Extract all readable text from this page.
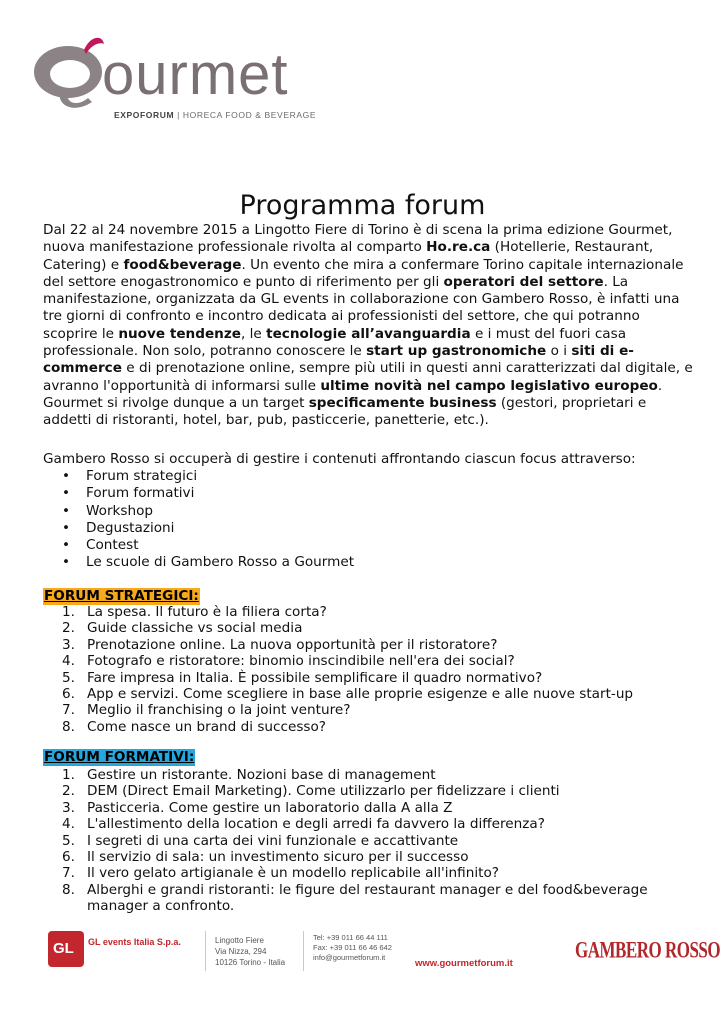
ourmet
EXPOFORUM | HORECA FOOD & BEVERAGE
Programma forum

Dal 22 al 24 novembre 2015 a Lingotto Fiere di Torino è di scena la prima edizione Gourmet, nuova manifestazione professionale rivolta al comparto Ho.re.ca (Hotellerie, Restaurant, Catering) e food&beverage. Un evento che mira a confermare Torino capitale internazionale del settore enogastronomico e punto di riferimento per gli operatori del settore. La manifestazione, organizzata da GL events in collaborazione con Gambero Rosso, è infatti una tre giorni di confronto e incontro dedicata ai professionisti del settore, che qui potranno scoprire le nuove tendenze, le tecnologie all’avanguardia e i must del fuori casa professionale. Non solo, potranno conoscere le start up gastronomiche o i siti di e-commerce e di prenotazione online, sempre più utili in questi anni caratterizzati dal digitale, e avranno l'opportunità di informarsi sulle ultime novità nel campo legislativo europeo. Gourmet si rivolge dunque a un target specificamente business (gestori, proprietari e addetti di ristoranti, hotel, bar, pub, pasticcerie, panetterie, etc.).

Gambero Rosso si occuperà di gestire i contenuti affrontando ciascun focus attraverso:

• Forum strategici
• Forum formativi
• Workshop
• Degustazioni
• Contest
• Le scuole di Gambero Rosso a Gourmet
FORUM STRATEGICI:
1. La spesa. Il futuro è la filiera corta?
2. Guide classiche vs social media
3. Prenotazione online. La nuova opportunità per il ristoratore?
4. Fotografo e ristoratore: binomio inscindibile nell'era dei social?
5. Fare impresa in Italia. È possibile semplificare il quadro normativo?
6. App e servizi. Come scegliere in base alle proprie esigenze e alle nuove start-up
7. Meglio il franchising o la joint venture?
8. Come nasce un brand di successo?
FORUM FORMATIVI:
1. Gestire un ristorante. Nozioni base di management
2. DEM (Direct Email Marketing). Come utilizzarlo per fidelizzare i clienti
3. Pasticceria. Come gestire un laboratorio dalla A alla Z
4. L'allestimento della location e degli arredi fa davvero la differenza?
5. I segreti di una carta dei vini funzionale e accattivante
6. Il servizio di sala: un investimento sicuro per il successo
7. Il vero gelato artigianale è un modello replicabile all'infinito?
8. Alberghi e grandi ristoranti: le figure del restaurant manager e del food&beverage manager a confronto.
GL GL events Italia S.p.a.	Lingotto Fiere
Via Nizza, 294
10126 Torino - Italia
Tel: +39 011 66 44 111
Fax: +39 011 66 46 642
info@gourmetforum.it
www.gourmetforum.it
GAMBERO ROSSO
